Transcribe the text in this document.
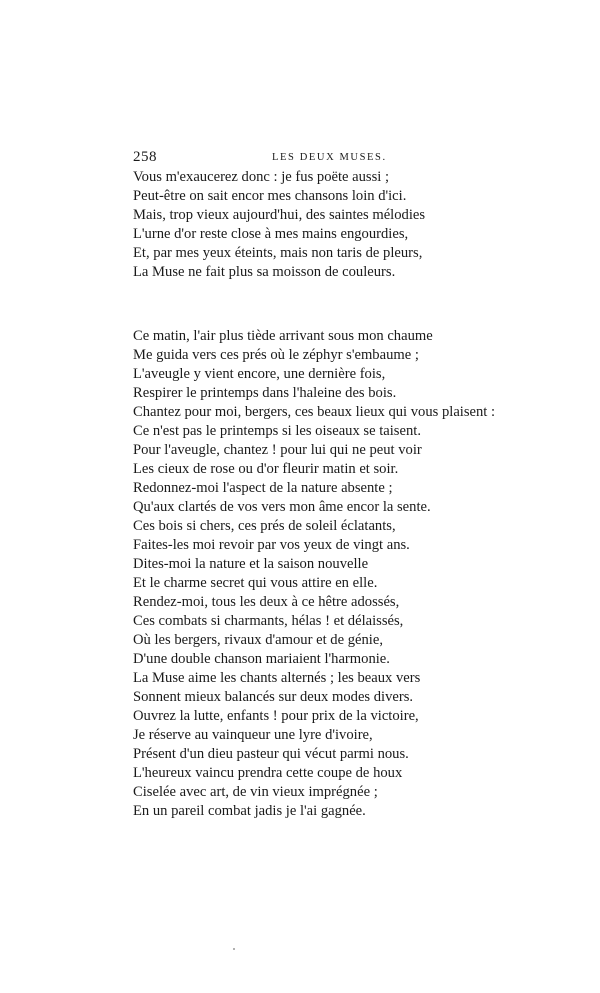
258	LES DEUX MUSES.
Vous m'exaucerez donc : je fus poëte aussi ;
Peut-être on sait encor mes chansons loin d'ici.
Mais, trop vieux aujourd'hui, des saintes mélodies
L'urne d'or reste close à mes mains engourdies,
Et, par mes yeux éteints, mais non taris de pleurs,
La Muse ne fait plus sa moisson de couleurs.
Ce matin, l'air plus tiède arrivant sous mon chaume
Me guida vers ces prés où le zéphyr s'embaume ;
L'aveugle y vient encore, une dernière fois,
Respirer le printemps dans l'haleine des bois.
Chantez pour moi, bergers, ces beaux lieux qui vous plaisent :
Ce n'est pas le printemps si les oiseaux se taisent.
Pour l'aveugle, chantez ! pour lui qui ne peut voir
Les cieux de rose ou d'or fleurir matin et soir.
Redonnez-moi l'aspect de la nature absente ;
Qu'aux clartés de vos vers mon âme encor la sente.
Ces bois si chers, ces prés de soleil éclatants,
Faites-les moi revoir par vos yeux de vingt ans.
Dites-moi la nature et la saison nouvelle
Et le charme secret qui vous attire en elle.
Rendez-moi, tous les deux à ce hêtre adossés,
Ces combats si charmants, hélas ! et délaissés,
Où les bergers, rivaux d'amour et de génie,
D'une double chanson mariaient l'harmonie.
La Muse aime les chants alternés ; les beaux vers
Sonnent mieux balancés sur deux modes divers.
Ouvrez la lutte, enfants ! pour prix de la victoire,
Je réserve au vainqueur une lyre d'ivoire,
Présent d'un dieu pasteur qui vécut parmi nous.
L'heureux vaincu prendra cette coupe de houx
Ciselée avec art, de vin vieux imprégnée ;
En un pareil combat jadis je l'ai gagnée.
